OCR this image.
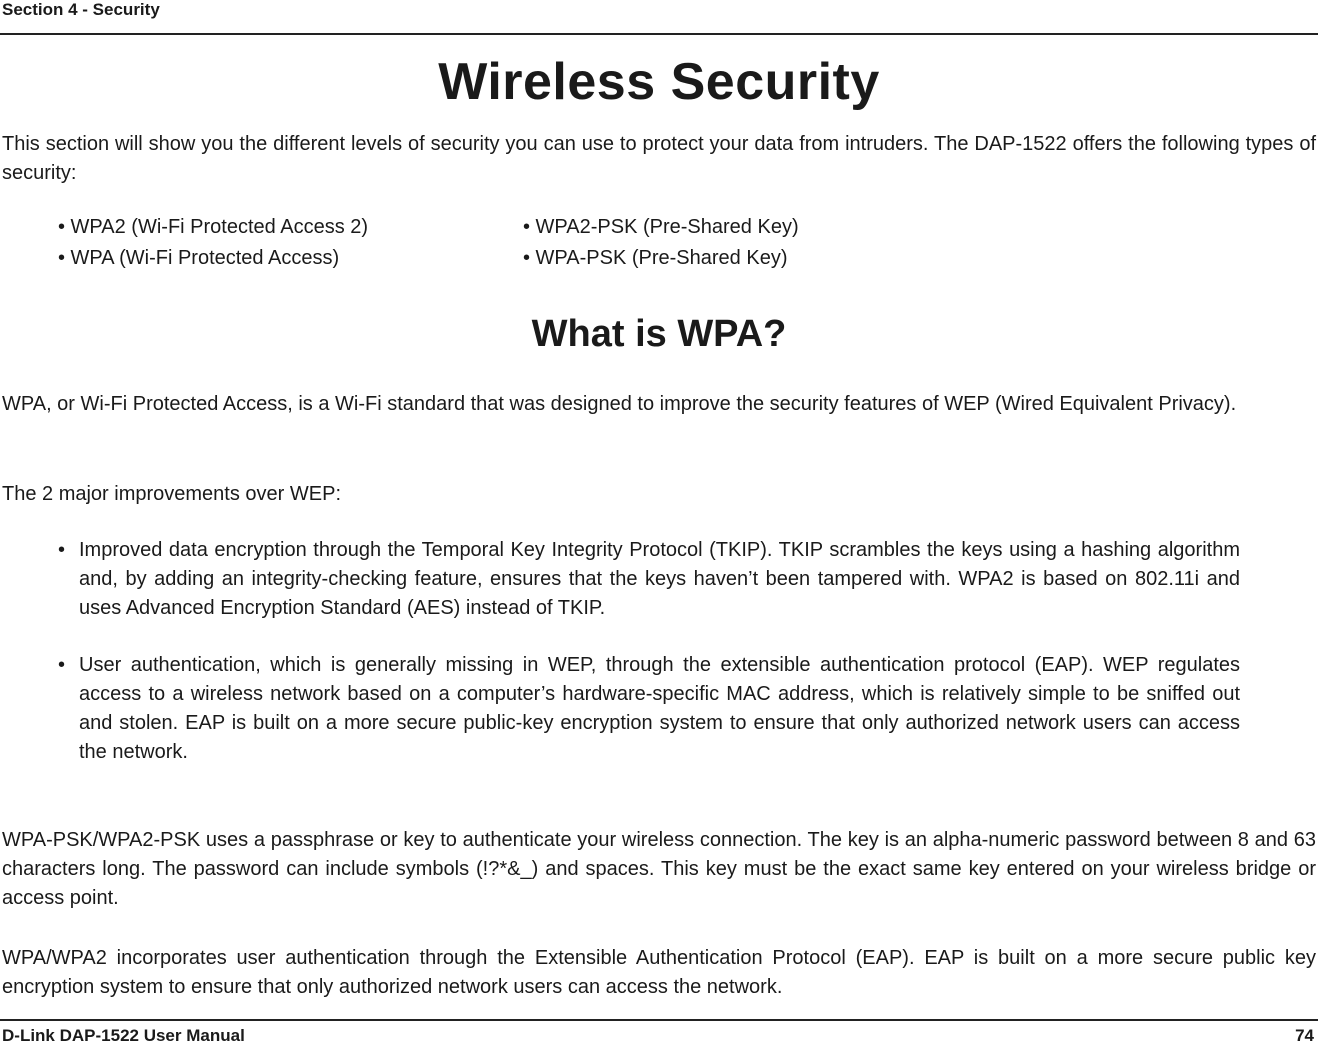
Section 4 - Security
Wireless Security
This section will show you the different levels of security you can use to protect your data from intruders. The DAP-1522 offers the following types of security:
• WPA2 (Wi-Fi Protected Access 2)
• WPA (Wi-Fi Protected Access)
• WPA2-PSK (Pre-Shared Key)
• WPA-PSK (Pre-Shared Key)
What is WPA?
WPA, or Wi-Fi Protected Access, is a Wi-Fi standard that was designed to improve the security features of WEP (Wired Equivalent Privacy).
The 2 major improvements over WEP:
• Improved data encryption through the Temporal Key Integrity Protocol (TKIP). TKIP scrambles the keys using a hashing algorithm and, by adding an integrity-checking feature, ensures that the keys haven’t been tampered with. WPA2 is based on 802.11i and uses Advanced Encryption Standard (AES) instead of TKIP.
• User authentication, which is generally missing in WEP, through the extensible authentication protocol (EAP). WEP regulates access to a wireless network based on a computer’s hardware-specific MAC address, which is relatively simple to be sniffed out and stolen. EAP is built on a more secure public-key encryption system to ensure that only authorized network users can access the network.
WPA-PSK/WPA2-PSK uses a passphrase or key to authenticate your wireless connection. The key is an alpha-numeric password between 8 and 63 characters long. The password can include symbols (!?*&_) and spaces. This key must be the exact same key entered on your wireless bridge or access point.
WPA/WPA2 incorporates user authentication through the Extensible Authentication Protocol (EAP). EAP is built on a more secure public key encryption system to ensure that only authorized network users can access the network.
D-Link DAP-1522 User Manual	74
